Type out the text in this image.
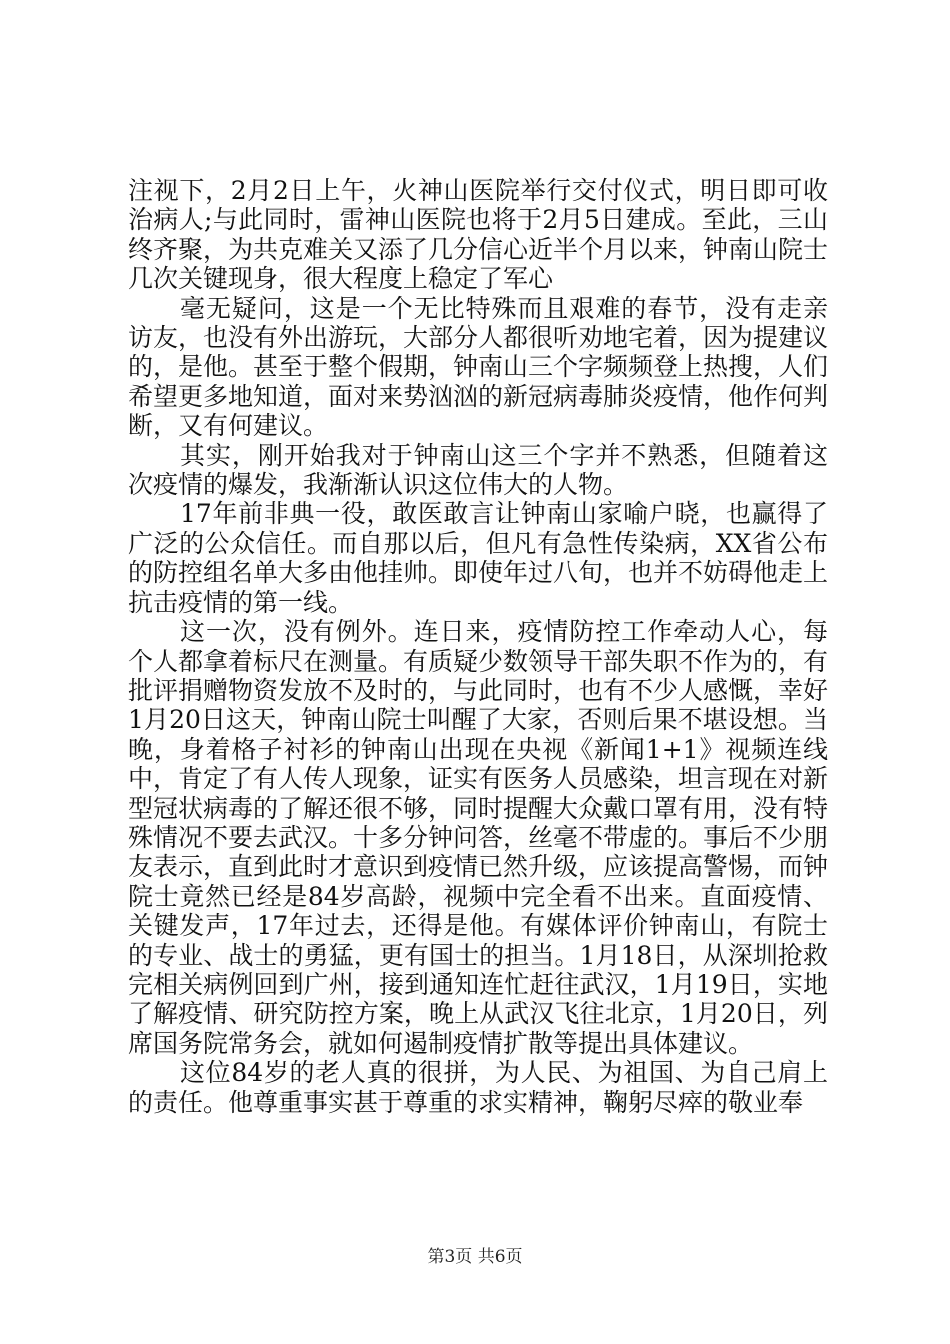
注视下，2月2日上午，火神山医院举行交付仪式，明日即可收治病人;与此同时，雷神山医院也将于2月5日建成。至此，三山终齐聚，为共克难关又添了几分信心近半个月以来，钟南山院士几次关键现身，很大程度上稳定了军心

毫无疑问，这是一个无比特殊而且艰难的春节，没有走亲访友，也没有外出游玩，大部分人都很听劝地宅着，因为提建议的，是他。甚至于整个假期，钟南山三个字频频登上热搜，人们希望更多地知道，面对来势汹汹的新冠病毒肺炎疫情，他作何判断，又有何建议。

其实，刚开始我对于钟南山这三个字并不熟悉，但随着这次疫情的爆发，我渐渐认识这位伟大的人物。

17年前非典一役，敢医敢言让钟南山家喻户晓，也赢得了广泛的公众信任。而自那以后，但凡有急性传染病，XX省公布的防控组名单大多由他挂帅。即使年过八旬，也并不妨碍他走上抗击疫情的第一线。

这一次，没有例外。连日来，疫情防控工作牵动人心，每个人都拿着标尺在测量。有质疑少数领导干部失职不作为的，有批评捐赠物资发放不及时的，与此同时，也有不少人感慨，幸好1月20日这天，钟南山院士叫醒了大家，否则后果不堪设想。当晚，身着格子衬衫的钟南山出现在央视《新闻1+1》视频连线中，肯定了有人传人现象，证实有医务人员感染，坦言现在对新型冠状病毒的了解还很不够，同时提醒大众戴口罩有用，没有特殊情况不要去武汉。十多分钟问答，丝毫不带虚的。事后不少朋友表示，直到此时才意识到疫情已然升级，应该提高警惕，而钟院士竟然已经是84岁高龄，视频中完全看不出来。直面疫情、关键发声，17年过去，还得是他。有媒体评价钟南山，有院士的专业、战士的勇猛，更有国士的担当。1月18日，从深圳抢救完相关病例回到广州，接到通知连忙赶往武汉，1月19日，实地了解疫情、研究防控方案，晚上从武汉飞往北京，1月20日，列席国务院常务会，就如何遏制疫情扩散等提出具体建议。

这位84岁的老人真的很拼，为人民、为祖国、为自己肩上的责任。他尊重事实甚于尊重的求实精神，鞠躬尽瘁的敬业奉

第3页 共6页
